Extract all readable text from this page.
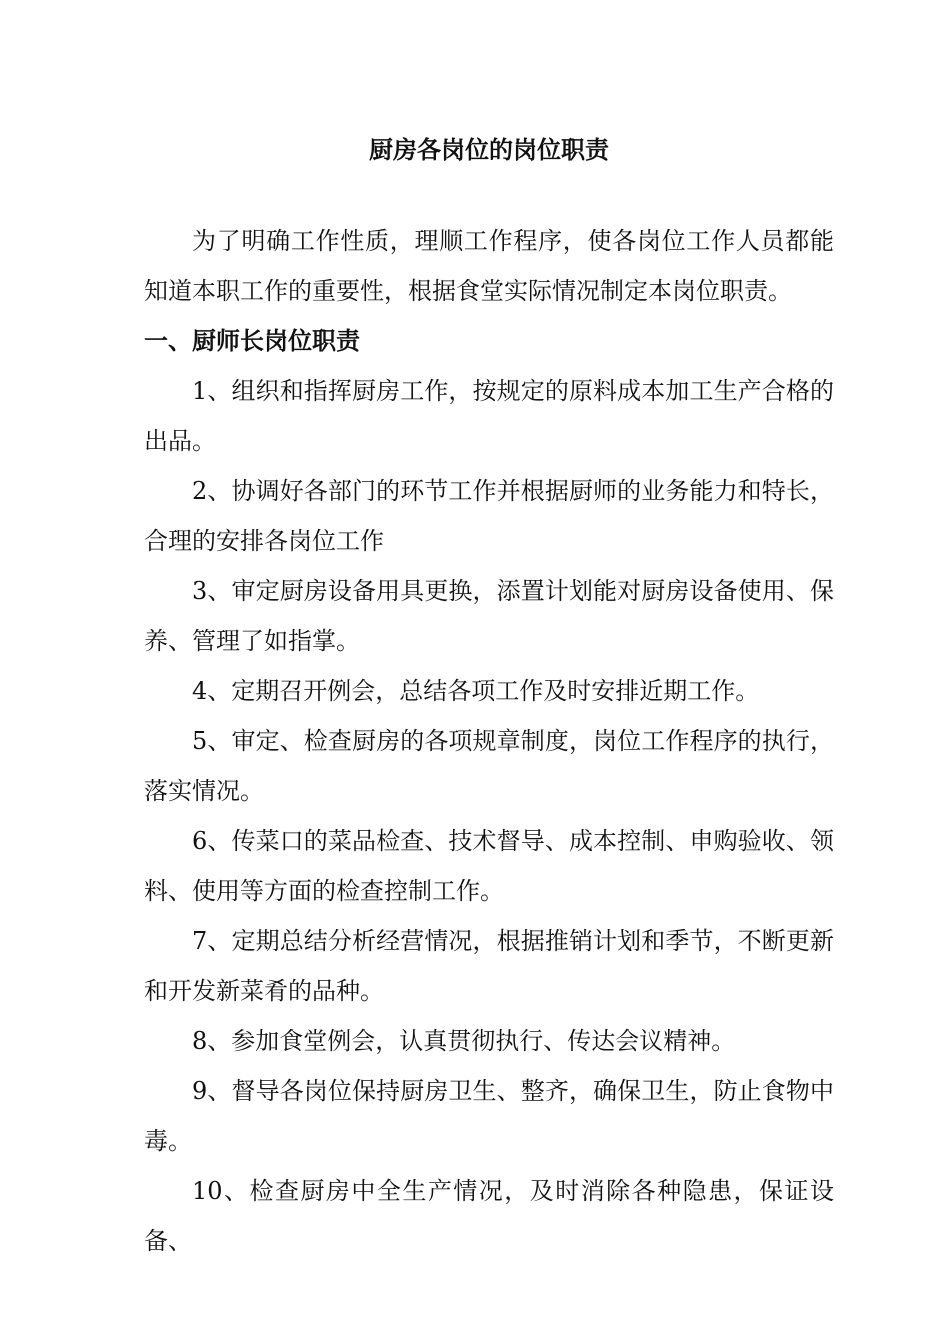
厨房各岗位的岗位职责

为了明确工作性质，理顺工作程序，使各岗位工作人员都能知道本职工作的重要性，根据食堂实际情况制定本岗位职责。

一、厨师长岗位职责

1、组织和指挥厨房工作，按规定的原料成本加工生产合格的出品。

2、协调好各部门的环节工作并根据厨师的业务能力和特长，合理的安排各岗位工作

3、审定厨房设备用具更换，添置计划能对厨房设备使用、保养、管理了如指掌。

4、定期召开例会，总结各项工作及时安排近期工作。

5、审定、检查厨房的各项规章制度，岗位工作程序的执行，落实情况。

6、传菜口的菜品检查、技术督导、成本控制、申购验收、领料、使用等方面的检查控制工作。

7、定期总结分析经营情况，根据推销计划和季节，不断更新和开发新菜肴的品种。

8、参加食堂例会，认真贯彻执行、传达会议精神。

9、督导各岗位保持厨房卫生、整齐，确保卫生，防止食物中毒。

10、检查厨房中全生产情况，及时消除各种隐患，保证设备、
